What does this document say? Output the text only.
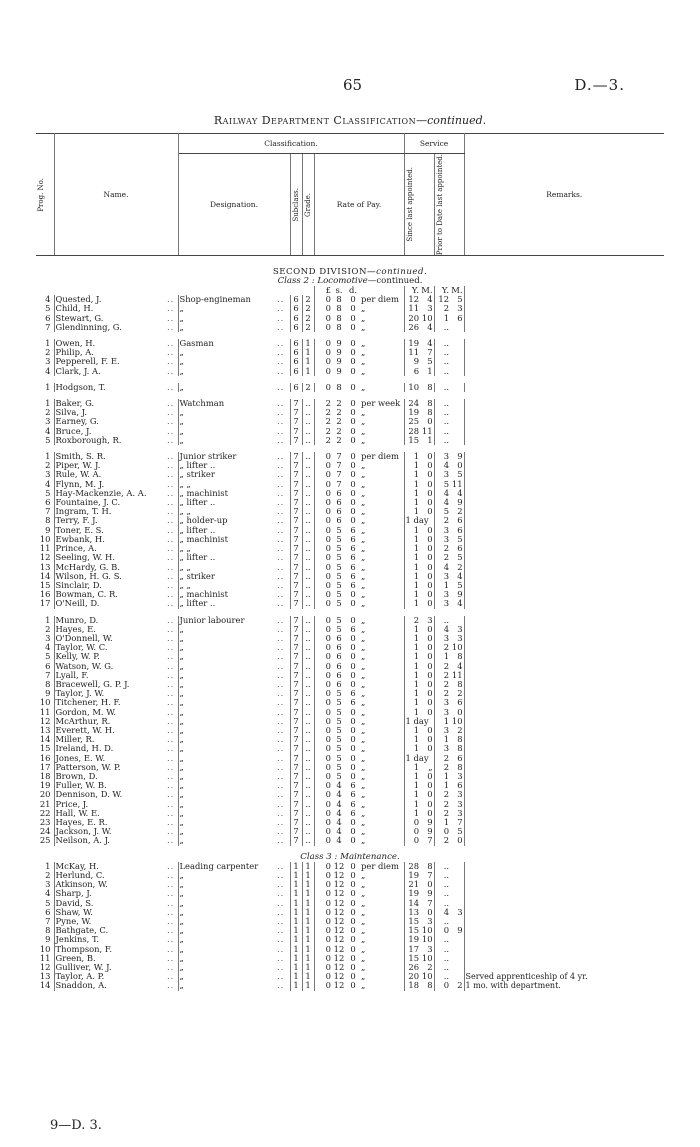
65	D.—3.
Railway Department Classification—continued.
Prog. No.	Name.		Classification.								Service				Remarks.
			Designation.		Subclass.	Grade.	Rate of Pay.				Since last appointed.		Prior to Date last appointed.		

SECOND DIVISION—continued.															
Class 2 : Locomotive—continued.															
							£	s.	d.		Y.	M.	Y.	M.	
4	Quested, J.	..	Shop-engineman	..	6	2	0	8	0	per diem	12	4	12	5	
5	Child, H.	..	„	..	6	2	0	8	0	„	11	3	2	3	
6	Stewart, G.	..	„	..	6	2	0	8	0	„	20	10	1	6	
7	Glendinning, G.	..	„	..	6	2	0	8	0	„	26	4	..		

1	Owen, H.	..	Gasman	..	6	1	0	9	0	„	19	4	..		
2	Philip, A.	..	„	..	6	1	0	9	0	„	11	7	..		
3	Pepperell, F. E.	..	„	..	6	1	0	9	0	„	9	5	..		
4	Clark, J. A.	..	„	..	6	1	0	9	0	„	6	1	..		

1	Hodgson, T.	..	„	..	6	2	0	8	0	„	10	8	..		

1	Baker, G.	..	Watchman	..	7	..	2	2	0	per week	24	8	..		
2	Silva, J.	..	„	..	7	..	2	2	0	„	19	8	..		
3	Earney, G.	..	„	..	7	..	2	2	0	„	25	0	..		
4	Bruce, J.	..	„	..	7	..	2	2	0	„	28	11	..		
5	Roxborough, R.	..	„	..	7	..	2	2	0	„	15	1	..		

1	Smith, S. R.	..	Junior striker	..	7	..	0	7	0	per diem	1	0	3	9	
2	Piper, W. J.	..	„ lifter ..	..	7	..	0	7	0	„	1	0	4	0	
3	Rule, W. A.	..	„ striker	..	7	..	0	7	0	„	1	0	3	5	
4	Flynn, M. J.	..	„ „	..	7	..	0	7	0	„	1	0	5	11	
5	Hay-Mackenzie, A. A.	..	„ machinist	..	7	..	0	6	0	„	1	0	4	4	
6	Fountaine, J. C.	..	„ lifter ..	..	7	..	0	6	0	„	1	0	4	9	
7	Ingram, T. H.	..	„ „	..	7	..	0	6	0	„	1	0	5	2	
8	Terry, F. J.	..	„ holder-up	..	7	..	0	6	0	„	1 day		2	6	
9	Toner, E. S.	..	„ lifter ..	..	7	..	0	5	6	„	1	0	3	6	
10	Ewbank, H.	..	„ machinist	..	7	..	0	5	6	„	1	0	3	5	
11	Prince, A.	..	„ „	..	7	..	0	5	6	„	1	0	2	6	
12	Seeling, W. H.	..	„ lifter ..	..	7	..	0	5	6	„	1	0	2	5	
13	McHardy, G. B.	..	„ „	..	7	..	0	5	6	„	1	0	4	2	
14	Wilson, H. G. S.	..	„ striker	..	7	..	0	5	6	„	1	0	3	4	
15	Sinclair, D.	..	„ „	..	7	..	0	5	6	„	1	0	1	5	
16	Bowman, C. R.	..	„ machinist	..	7	..	0	5	0	„	1	0	3	9	
17	O'Neill, D.	..	„ lifter ..	..	7	..	0	5	0	„	1	0	3	4	

1	Munro, D.	..	Junior labourer	..	7	..	0	5	0	„	2	3	..		
2	Hayes, E.	..	„	..	7	..	0	5	6	„	1	0	4	3	
3	O'Donnell, W.	..	„	..	7	..	0	6	0	„	1	0	3	3	
4	Taylor, W. C.	..	„	..	7	..	0	6	0	„	1	0	2	10	
5	Kelly, W. P.	..	„	..	7	..	0	6	0	„	1	0	1	8	
6	Watson, W. G.	..	„	..	7	..	0	6	0	„	1	0	2	4	
7	Lyall, F.	..	„	..	7	..	0	6	0	„	1	0	2	11	
8	Bracewell, G. P. J.	..	„	..	7	..	0	6	0	„	1	0	2	8	
9	Taylor, J. W.	..	„	..	7	..	0	5	6	„	1	0	2	2	
10	Titchener, H. F.	..	„	..	7	..	0	5	6	„	1	0	3	6	
11	Gordon, M. W.	..	„	..	7	..	0	5	0	„	1	0	3	0	
12	McArthur, R.	..	„	..	7	..	0	5	0	„	1 day		1	10	
13	Everett, W. H.	..	„	..	7	..	0	5	0	„	1	0	3	2	
14	Miller, R.	..	„	..	7	..	0	5	0	„	1	0	1	8	
15	Ireland, H. D.	..	„	..	7	..	0	5	0	„	1	0	3	8	
16	Jones, E. W.	..	„	..	7	..	0	5	0	„	1 day		2	6	
17	Patterson, W. P.	..	„	..	7	..	0	5	0	„	1	„	2	8	
18	Brown, D.	..	„	..	7	..	0	5	0	„	1	0	1	3	
19	Fuller, W. B.	..	„	..	7	..	0	4	6	„	1	0	1	6	
20	Dennison, D. W.	..	„	..	7	..	0	4	6	„	1	0	2	3	
21	Price, J.	..	„	..	7	..	0	4	6	„	1	0	2	3	
22	Hall, W. E.	..	„	..	7	..	0	4	6	„	1	0	2	3	
23	Hayes, E. R.	..	„	..	7	..	0	4	0	„	0	9	1	7	
24	Jackson, J. W.	..	„	..	7	..	0	4	0	„	0	9	0	5	
25	Neilson, A. J.	..	„	..	7	..	0	4	0	„	0	7	2	0	

Class 3 : Maintenance.															
1	McKay, H.	..	Leading carpenter	..	1	1	0	12	0	per diem	28	8	..		
2	Herlund, C.	..	„	..	1	1	0	12	0	„	19	7	..		
3	Atkinson, W.	..	„	..	1	1	0	12	0	„	21	0	..		
4	Sharp, J.	..	„	..	1	1	0	12	0	„	19	9	..		
5	David, S.	..	„	..	1	1	0	12	0	„	14	7	..		
6	Shaw, W.	..	„	..	1	1	0	12	0	„	13	0	4	3	
7	Pyne, W.	..	„	..	1	1	0	12	0	„	15	3	..		
8	Bathgate, C.	..	„	..	1	1	0	12	0	„	15	10	0	9	
9	Jenkins, T.	..	„	..	1	1	0	12	0	„	19	10	..		
10	Thompson, F.	..	„	..	1	1	0	12	0	„	17	3	..		
11	Green, B.	..	„	..	1	1	0	12	0	„	15	10	..		
12	Gulliver, W. J.	..	„	..	1	1	0	12	0	„	26	2	..		
13	Taylor, A. P.	..	„	..	1	1	0	12	0	„	20	10	..		Served apprenticeship of 4 yr.
14	Snaddon, A.	..	„	..	1	1	0	12	0	„	18	8	0	2	1 mo. with department.
9—D. 3.
